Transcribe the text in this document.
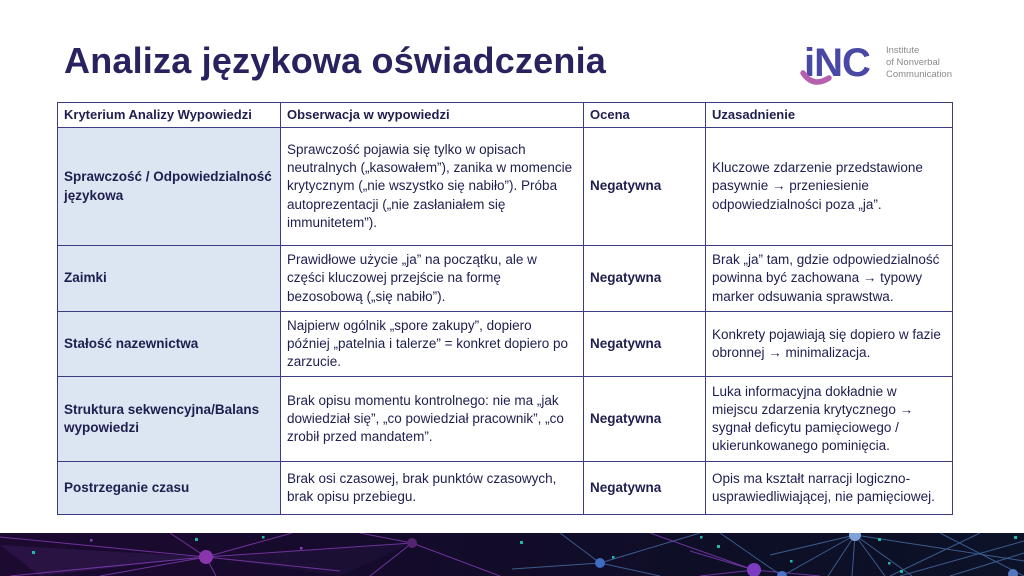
Analiza językowa oświadczenia	iNC Institute
of Nonverbal
Communication
Kryterium Analizy Wypowiedzi	Obserwacja w wypowiedzi	Ocena	Uzasadnienie
Sprawczość / Odpowiedzialność językowa	Sprawczość pojawia się tylko w opisach neutralnych („kasowałem”), zanika w momencie krytycznym („nie wszystko się nabiło”). Próba autoprezentacji („nie zasłaniałem się immunitetem”).	Negatywna	Kluczowe zdarzenie przedstawione pasywnie → przeniesienie odpowiedzialności poza „ja”.
Zaimki	Prawidłowe użycie „ja” na początku, ale w części kluczowej przejście na formę bezosobową („się nabiło”).	Negatywna	Brak „ja” tam, gdzie odpowiedzialność powinna być zachowana → typowy marker odsuwania sprawstwa.
Stałość nazewnictwa	Najpierw ogólnik „spore zakupy”, dopiero później „patelnia i talerze” = konkret dopiero po zarzucie.	Negatywna	Konkrety pojawiają się dopiero w fazie obronnej → minimalizacja.
Struktura sekwencyjna/Balans wypowiedzi	Brak opisu momentu kontrolnego: nie ma „jak dowiedział się”, „co powiedział pracownik”, „co zrobił przed mandatem”.	Negatywna	Luka informacyjna dokładnie w miejscu zdarzenia krytycznego → sygnał deficytu pamięciowego / ukierunkowanego pominięcia.
Postrzeganie czasu	Brak osi czasowej, brak punktów czasowych, brak opisu przebiegu.	Negatywna	Opis ma kształt narracji logiczno-usprawiedliwiającej, nie pamięciowej.
